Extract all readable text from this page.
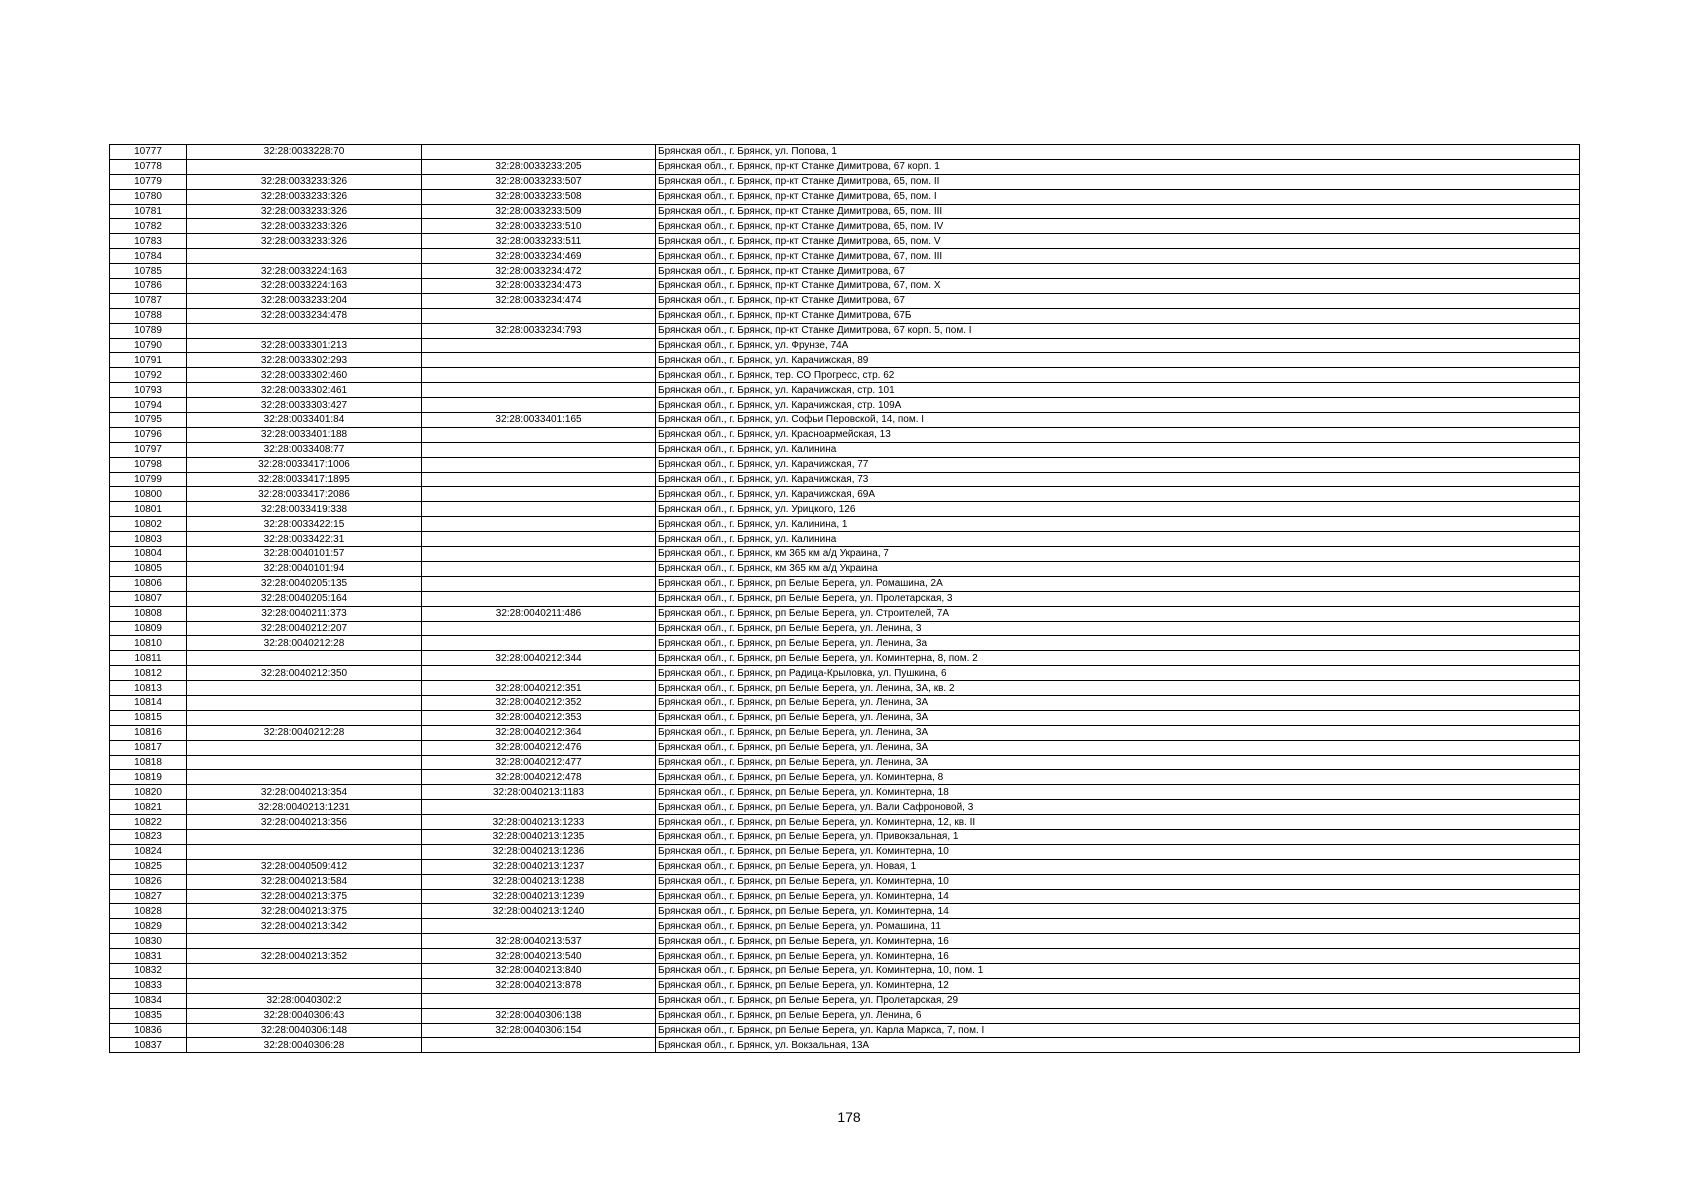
10777	32:28:0033228:70		Брянская обл., г. Брянск, ул. Попова, 1
10778		32:28:0033233:205	Брянская обл., г. Брянск, пр-кт Станке Димитрова, 67 корп. 1
10779	32:28:0033233:326	32:28:0033233:507	Брянская обл., г. Брянск, пр-кт Станке Димитрова, 65, пом. II
10780	32:28:0033233:326	32:28:0033233:508	Брянская обл., г. Брянск, пр-кт Станке Димитрова, 65, пом. I
10781	32:28:0033233:326	32:28:0033233:509	Брянская обл., г. Брянск, пр-кт Станке Димитрова, 65, пом. III
10782	32:28:0033233:326	32:28:0033233:510	Брянская обл., г. Брянск, пр-кт Станке Димитрова, 65, пом. IV
10783	32:28:0033233:326	32:28:0033233:511	Брянская обл., г. Брянск, пр-кт Станке Димитрова, 65, пом. V
10784		32:28:0033234:469	Брянская обл., г. Брянск, пр-кт Станке Димитрова, 67, пом. III
10785	32:28:0033224:163	32:28:0033234:472	Брянская обл., г. Брянск, пр-кт Станке Димитрова, 67
10786	32:28:0033224:163	32:28:0033234:473	Брянская обл., г. Брянск, пр-кт Станке Димитрова, 67, пом. X
10787	32:28:0033233:204	32:28:0033234:474	Брянская обл., г. Брянск, пр-кт Станке Димитрова, 67
10788	32:28:0033234:478		Брянская обл., г. Брянск, пр-кт Станке Димитрова, 67Б
10789		32:28:0033234:793	Брянская обл., г. Брянск, пр-кт Станке Димитрова, 67 корп. 5, пом. I
10790	32:28:0033301:213		Брянская обл., г. Брянск, ул. Фрунзе, 74А
10791	32:28:0033302:293		Брянская обл., г. Брянск, ул. Карачижская, 89
10792	32:28:0033302:460		Брянская обл., г. Брянск, тер. СО Прогресс, стр. 62
10793	32:28:0033302:461		Брянская обл., г. Брянск, ул. Карачижская, стр. 101
10794	32:28:0033303:427		Брянская обл., г. Брянск, ул. Карачижская, стр. 109А
10795	32:28:0033401:84	32:28:0033401:165	Брянская обл., г. Брянск, ул. Софьи Перовской, 14, пом. I
10796	32:28:0033401:188		Брянская обл., г. Брянск, ул. Красноармейская, 13
10797	32:28:0033408:77		Брянская обл., г. Брянск, ул. Калинина
10798	32:28:0033417:1006		Брянская обл., г. Брянск, ул. Карачижская, 77
10799	32:28:0033417:1895		Брянская обл., г. Брянск, ул. Карачижская, 73
10800	32:28:0033417:2086		Брянская обл., г. Брянск, ул. Карачижская, 69А
10801	32:28:0033419:338		Брянская обл., г. Брянск, ул. Урицкого, 126
10802	32:28:0033422:15		Брянская обл., г. Брянск, ул. Калинина, 1
10803	32:28:0033422:31		Брянская обл., г. Брянск, ул. Калинина
10804	32:28:0040101:57		Брянская обл., г. Брянск, км 365 км а/д Украина, 7
10805	32:28:0040101:94		Брянская обл., г. Брянск, км 365 км а/д Украина
10806	32:28:0040205:135		Брянская обл., г. Брянск, рп Белые Берега, ул. Ромашина, 2А
10807	32:28:0040205:164		Брянская обл., г. Брянск, рп Белые Берега, ул. Пролетарская, 3
10808	32:28:0040211:373	32:28:0040211:486	Брянская обл., г. Брянск, рп Белые Берега, ул. Строителей, 7А
10809	32:28:0040212:207		Брянская обл., г. Брянск, рп Белые Берега, ул. Ленина, 3
10810	32:28:0040212:28		Брянская обл., г. Брянск, рп Белые Берега, ул. Ленина, 3а
10811		32:28:0040212:344	Брянская обл., г. Брянск, рп Белые Берега, ул. Коминтерна, 8, пом. 2
10812	32:28:0040212:350		Брянская обл., г. Брянск, рп Радица-Крыловка, ул. Пушкина, 6
10813		32:28:0040212:351	Брянская обл., г. Брянск, рп Белые Берега, ул. Ленина, 3А, кв. 2
10814		32:28:0040212:352	Брянская обл., г. Брянск, рп Белые Берега, ул. Ленина, 3А
10815		32:28:0040212:353	Брянская обл., г. Брянск, рп Белые Берега, ул. Ленина, 3А
10816	32:28:0040212:28	32:28:0040212:364	Брянская обл., г. Брянск, рп Белые Берега, ул. Ленина, 3А
10817		32:28:0040212:476	Брянская обл., г. Брянск, рп Белые Берега, ул. Ленина, 3А
10818		32:28:0040212:477	Брянская обл., г. Брянск, рп Белые Берега, ул. Ленина, 3А
10819		32:28:0040212:478	Брянская обл., г. Брянск, рп Белые Берега, ул. Коминтерна, 8
10820	32:28:0040213:354	32:28:0040213:1183	Брянская обл., г. Брянск, рп Белые Берега, ул. Коминтерна, 18
10821	32:28:0040213:1231		Брянская обл., г. Брянск, рп Белые Берега, ул. Вали Сафроновой, 3
10822	32:28:0040213:356	32:28:0040213:1233	Брянская обл., г. Брянск, рп Белые Берега, ул. Коминтерна, 12, кв. II
10823		32:28:0040213:1235	Брянская обл., г. Брянск, рп Белые Берега, ул. Привокзальная, 1
10824		32:28:0040213:1236	Брянская обл., г. Брянск, рп Белые Берега, ул. Коминтерна, 10
10825	32:28:0040509:412	32:28:0040213:1237	Брянская обл., г. Брянск, рп Белые Берега, ул. Новая, 1
10826	32:28:0040213:584	32:28:0040213:1238	Брянская обл., г. Брянск, рп Белые Берега, ул. Коминтерна, 10
10827	32:28:0040213:375	32:28:0040213:1239	Брянская обл., г. Брянск, рп Белые Берега, ул. Коминтерна, 14
10828	32:28:0040213:375	32:28:0040213:1240	Брянская обл., г. Брянск, рп Белые Берега, ул. Коминтерна, 14
10829	32:28:0040213:342		Брянская обл., г. Брянск, рп Белые Берега, ул. Ромашина, 11
10830		32:28:0040213:537	Брянская обл., г. Брянск, рп Белые Берега, ул. Коминтерна, 16
10831	32:28:0040213:352	32:28:0040213:540	Брянская обл., г. Брянск, рп Белые Берега, ул. Коминтерна, 16
10832		32:28:0040213:840	Брянская обл., г. Брянск, рп Белые Берега, ул. Коминтерна, 10, пом. 1
10833		32:28:0040213:878	Брянская обл., г. Брянск, рп Белые Берега, ул. Коминтерна, 12
10834	32:28:0040302:2		Брянская обл., г. Брянск, рп Белые Берега, ул. Пролетарская, 29
10835	32:28:0040306:43	32:28:0040306:138	Брянская обл., г. Брянск, рп Белые Берега, ул. Ленина, 6
10836	32:28:0040306:148	32:28:0040306:154	Брянская обл., г. Брянск, рп Белые Берега, ул. Карла Маркса, 7, пом. I
10837	32:28:0040306:28		Брянская обл., г. Брянск, ул. Вокзальная, 13А
178
